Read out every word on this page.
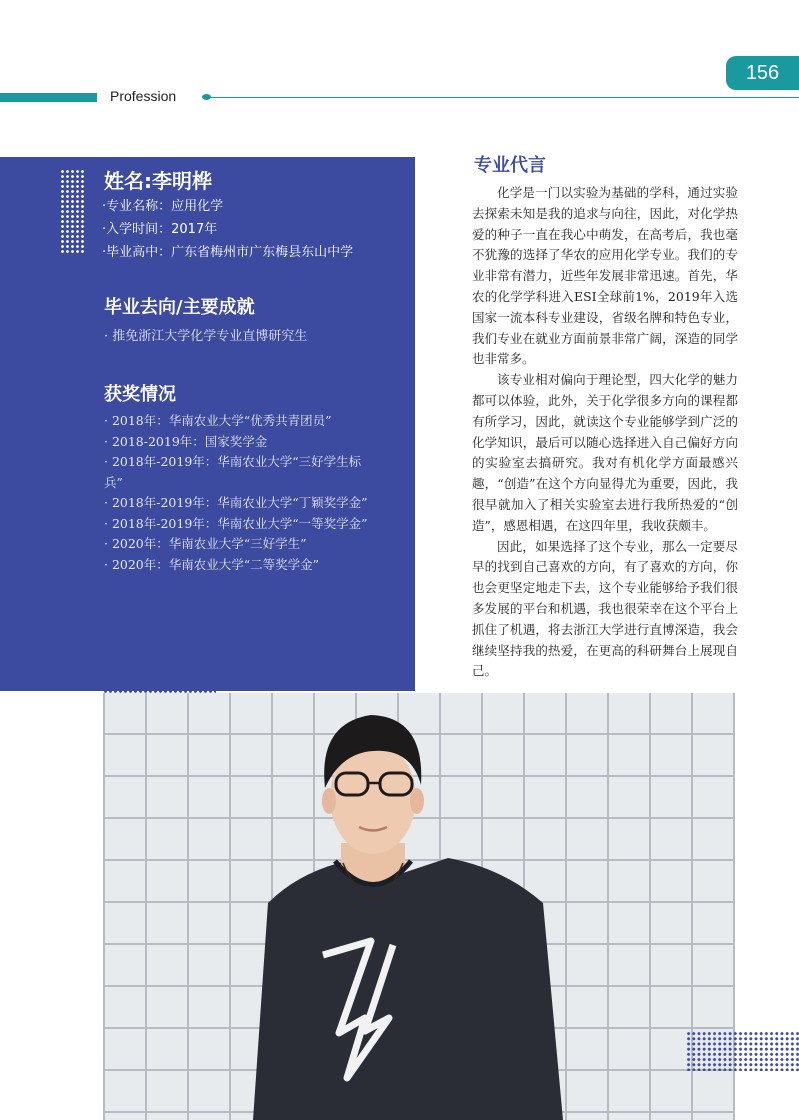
Profession
156
姓名:李明桦
·专业名称：应用化学
·入学时间：2017年
·毕业高中：广东省梅州市广东梅县东山中学
毕业去向/主要成就
· 推免浙江大学化学专业直博研究生
获奖情况
· 2018年：华南农业大学“优秀共青团员”
· 2018-2019年：国家奖学金
· 2018年-2019年：华南农业大学“三好学生标兵”
· 2018年-2019年：华南农业大学“丁颖奖学金”
· 2018年-2019年：华南农业大学“一等奖学金”
· 2020年：华南农业大学“三好学生”
· 2020年：华南农业大学“二等奖学金”
专业代言

化学是一门以实验为基础的学科，通过实验去探索未知是我的追求与向往，因此，对化学热爱的种子一直在我心中萌发，在高考后，我也毫不犹豫的选择了华农的应用化学专业。我们的专业非常有潜力，近些年发展非常迅速。首先，华农的化学学科进入ESI全球前1%，2019年入选国家一流本科专业建设，省级名牌和特色专业，我们专业在就业方面前景非常广阔，深造的同学也非常多。

该专业相对偏向于理论型，四大化学的魅力都可以体验，此外，关于化学很多方向的课程都有所学习，因此，就读这个专业能够学到广泛的化学知识，最后可以随心选择进入自己偏好方向的实验室去搞研究。我对有机化学方面最感兴趣，“创造”在这个方向显得尤为重要，因此，我很早就加入了相关实验室去进行我所热爱的“创造”，感恩相遇，在这四年里，我收获颇丰。

因此，如果选择了这个专业，那么一定要尽早的找到自己喜欢的方向，有了喜欢的方向，你也会更坚定地走下去，这个专业能够给予我们很多发展的平台和机遇，我也很荣幸在这个平台上抓住了机遇，将去浙江大学进行直博深造，我会继续坚持我的热爱，在更高的科研舞台上展现自己。
